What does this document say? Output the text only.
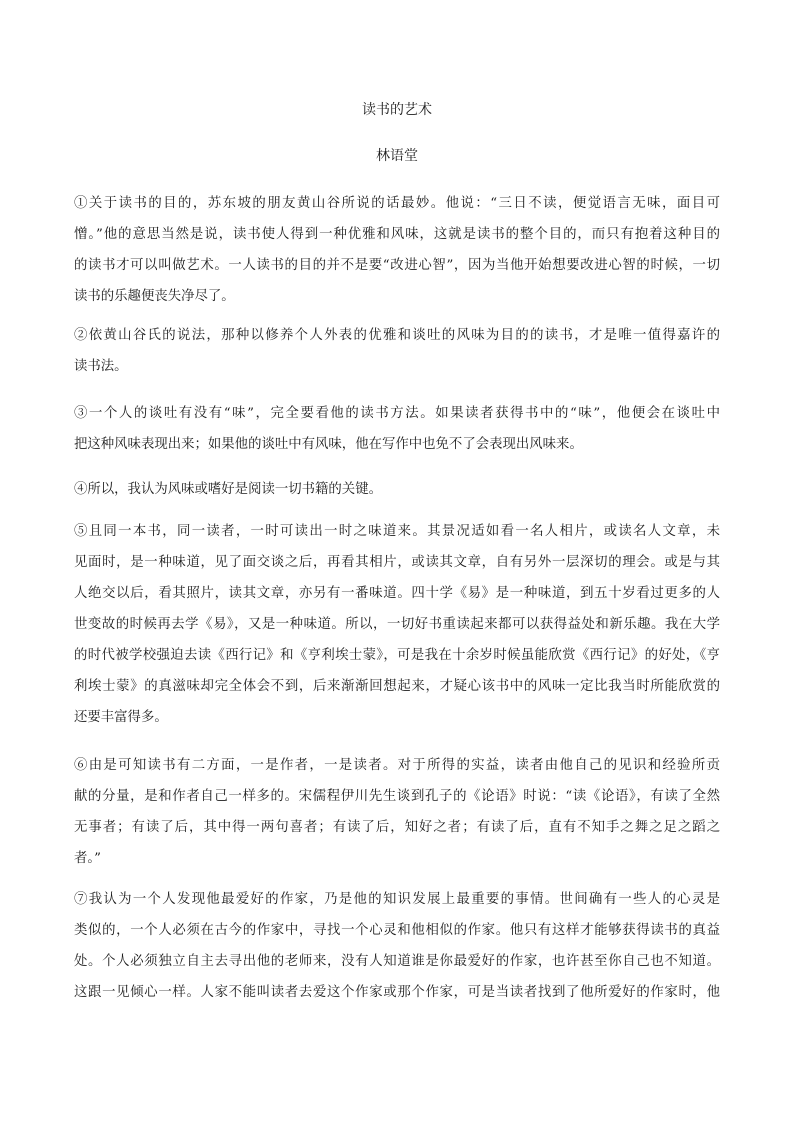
读书的艺术
林语堂
①关于读书的目的，苏东坡的朋友黄山谷所说的话最妙。他说：“三日不读，便觉语言无味，面目可
憎。”他的意思当然是说，读书使人得到一种优雅和风味，这就是读书的整个目的，而只有抱着这种目的
的读书才可以叫做艺术。一人读书的目的并不是要“改进心智”，因为当他开始想要改进心智的时候，一切
读书的乐趣便丧失净尽了。
②依黄山谷氏的说法，那种以修养个人外表的优雅和谈吐的风味为目的的读书，才是唯一值得嘉许的
读书法。
③一个人的谈吐有没有“味”，完全要看他的读书方法。如果读者获得书中的“味”，他便会在谈吐中
把这种风味表现出来；如果他的谈吐中有风味，他在写作中也免不了会表现出风味来。
④所以，我认为风味或嗜好是阅读一切书籍的关键。
⑤且同一本书，同一读者，一时可读出一时之味道来。其景况适如看一名人相片，或读名人文章，未
见面时，是一种味道，见了面交谈之后，再看其相片，或读其文章，自有另外一层深切的理会。或是与其
人绝交以后，看其照片，读其文章，亦另有一番味道。四十学《易》是一种味道，到五十岁看过更多的人
世变故的时候再去学《易》，又是一种味道。所以，一切好书重读起来都可以获得益处和新乐趣。我在大学
的时代被学校强迫去读《西行记》和《亨利埃士蒙》，可是我在十余岁时候虽能欣赏《西行记》的好处，《亨
利埃士蒙》的真滋味却完全体会不到，后来渐渐回想起来，才疑心该书中的风味一定比我当时所能欣赏的
还要丰富得多。
⑥由是可知读书有二方面，一是作者，一是读者。对于所得的实益，读者由他自己的见识和经验所贡
献的分量，是和作者自己一样多的。宋儒程伊川先生谈到孔子的《论语》时说：“读《论语》，有读了全然
无事者；有读了后，其中得一两句喜者；有读了后，知好之者；有读了后，直有不知手之舞之足之蹈之
者。”
⑦我认为一个人发现他最爱好的作家，乃是他的知识发展上最重要的事情。世间确有一些人的心灵是
类似的，一个人必须在古今的作家中，寻找一个心灵和他相似的作家。他只有这样才能够获得读书的真益
处。个人必须独立自主去寻出他的老师来，没有人知道谁是你最爱好的作家，也许甚至你自己也不知道。
这跟一见倾心一样。人家不能叫读者去爱这个作家或那个作家，可是当读者找到了他所爱好的作家时，他
